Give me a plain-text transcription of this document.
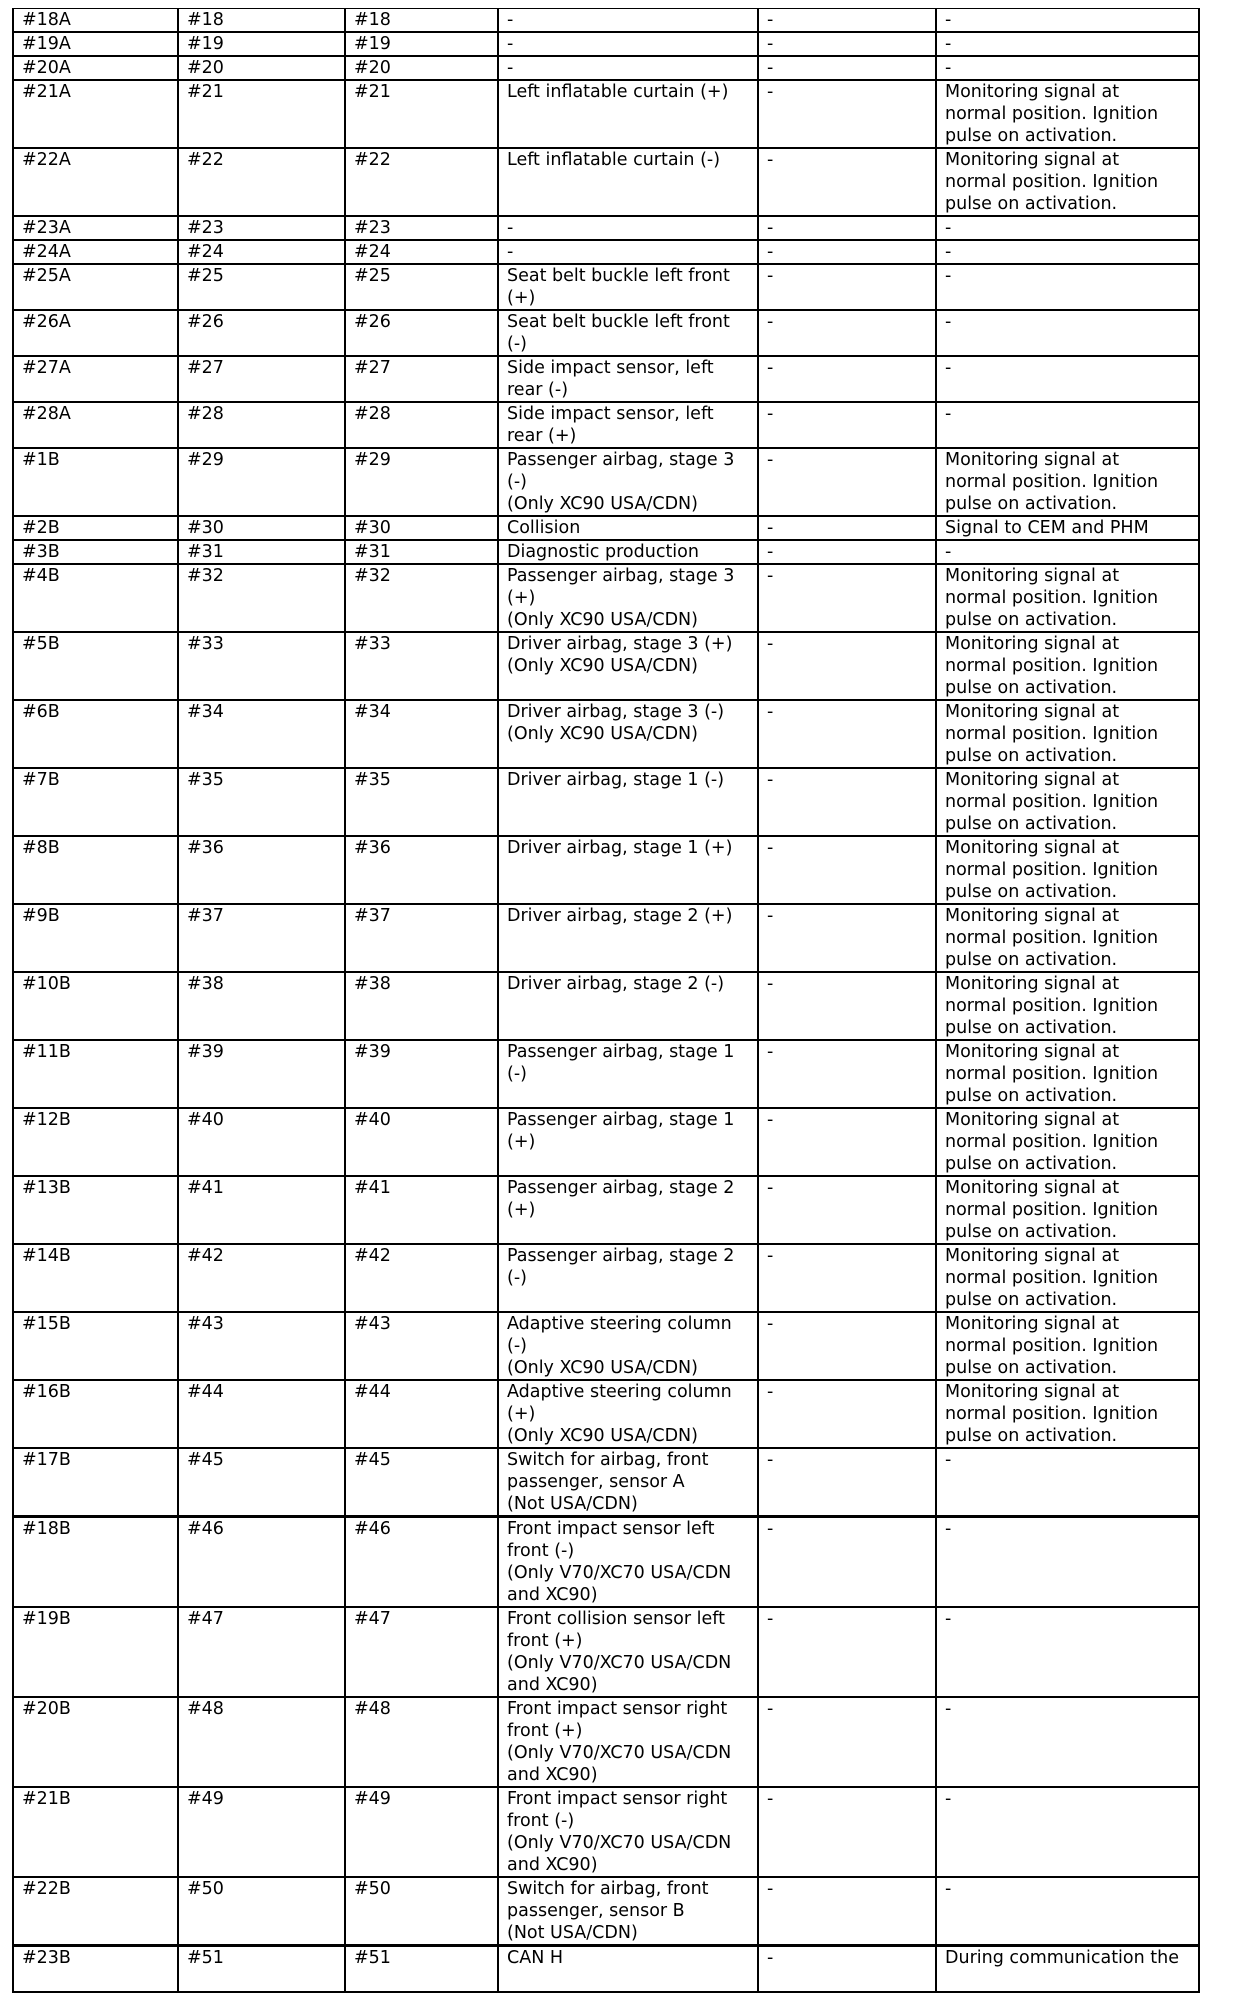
#18A	#18	#18	-	-	-
#19A	#19	#19	-	-	-
#20A	#20	#20	-	-	-
#21A	#21	#21	Left inflatable curtain (+)	-	Monitoring signal at
normal position. Ignition
pulse on activation.
#22A	#22	#22	Left inflatable curtain (-)	-	Monitoring signal at
normal position. Ignition
pulse on activation.
#23A	#23	#23	-	-	-
#24A	#24	#24	-	-	-
#25A	#25	#25	Seat belt buckle left front
(+)	-	-
#26A	#26	#26	Seat belt buckle left front
(-)	-	-
#27A	#27	#27	Side impact sensor, left
rear (-)	-	-
#28A	#28	#28	Side impact sensor, left
rear (+)	-	-
#1B	#29	#29	Passenger airbag, stage 3
(-)
(Only XC90 USA/CDN)	-	Monitoring signal at
normal position. Ignition
pulse on activation.
#2B	#30	#30	Collision	-	Signal to CEM and PHM
#3B	#31	#31	Diagnostic production	-	-
#4B	#32	#32	Passenger airbag, stage 3
(+)
(Only XC90 USA/CDN)	-	Monitoring signal at
normal position. Ignition
pulse on activation.
#5B	#33	#33	Driver airbag, stage 3 (+)
(Only XC90 USA/CDN)	-	Monitoring signal at
normal position. Ignition
pulse on activation.
#6B	#34	#34	Driver airbag, stage 3 (-)
(Only XC90 USA/CDN)	-	Monitoring signal at
normal position. Ignition
pulse on activation.
#7B	#35	#35	Driver airbag, stage 1 (-)	-	Monitoring signal at
normal position. Ignition
pulse on activation.
#8B	#36	#36	Driver airbag, stage 1 (+)	-	Monitoring signal at
normal position. Ignition
pulse on activation.
#9B	#37	#37	Driver airbag, stage 2 (+)	-	Monitoring signal at
normal position. Ignition
pulse on activation.
#10B	#38	#38	Driver airbag, stage 2 (-)	-	Monitoring signal at
normal position. Ignition
pulse on activation.
#11B	#39	#39	Passenger airbag, stage 1
(-)	-	Monitoring signal at
normal position. Ignition
pulse on activation.
#12B	#40	#40	Passenger airbag, stage 1
(+)	-	Monitoring signal at
normal position. Ignition
pulse on activation.
#13B	#41	#41	Passenger airbag, stage 2
(+)	-	Monitoring signal at
normal position. Ignition
pulse on activation.
#14B	#42	#42	Passenger airbag, stage 2
(-)	-	Monitoring signal at
normal position. Ignition
pulse on activation.
#15B	#43	#43	Adaptive steering column
(-)
(Only XC90 USA/CDN)	-	Monitoring signal at
normal position. Ignition
pulse on activation.
#16B	#44	#44	Adaptive steering column
(+)
(Only XC90 USA/CDN)	-	Monitoring signal at
normal position. Ignition
pulse on activation.
#17B	#45	#45	Switch for airbag, front
passenger, sensor A
(Not USA/CDN)	-	-
#18B	#46	#46	Front impact sensor left
front (-)
(Only V70/XC70 USA/CDN
and XC90)	-	-
#19B	#47	#47	Front collision sensor left
front (+)
(Only V70/XC70 USA/CDN
and XC90)	-	-
#20B	#48	#48	Front impact sensor right
front (+)
(Only V70/XC70 USA/CDN
and XC90)	-	-
#21B	#49	#49	Front impact sensor right
front (-)
(Only V70/XC70 USA/CDN
and XC90)	-	-
#22B	#50	#50	Switch for airbag, front
passenger, sensor B
(Not USA/CDN)	-	-
#23B	#51	#51	CAN H	-	During communication the
